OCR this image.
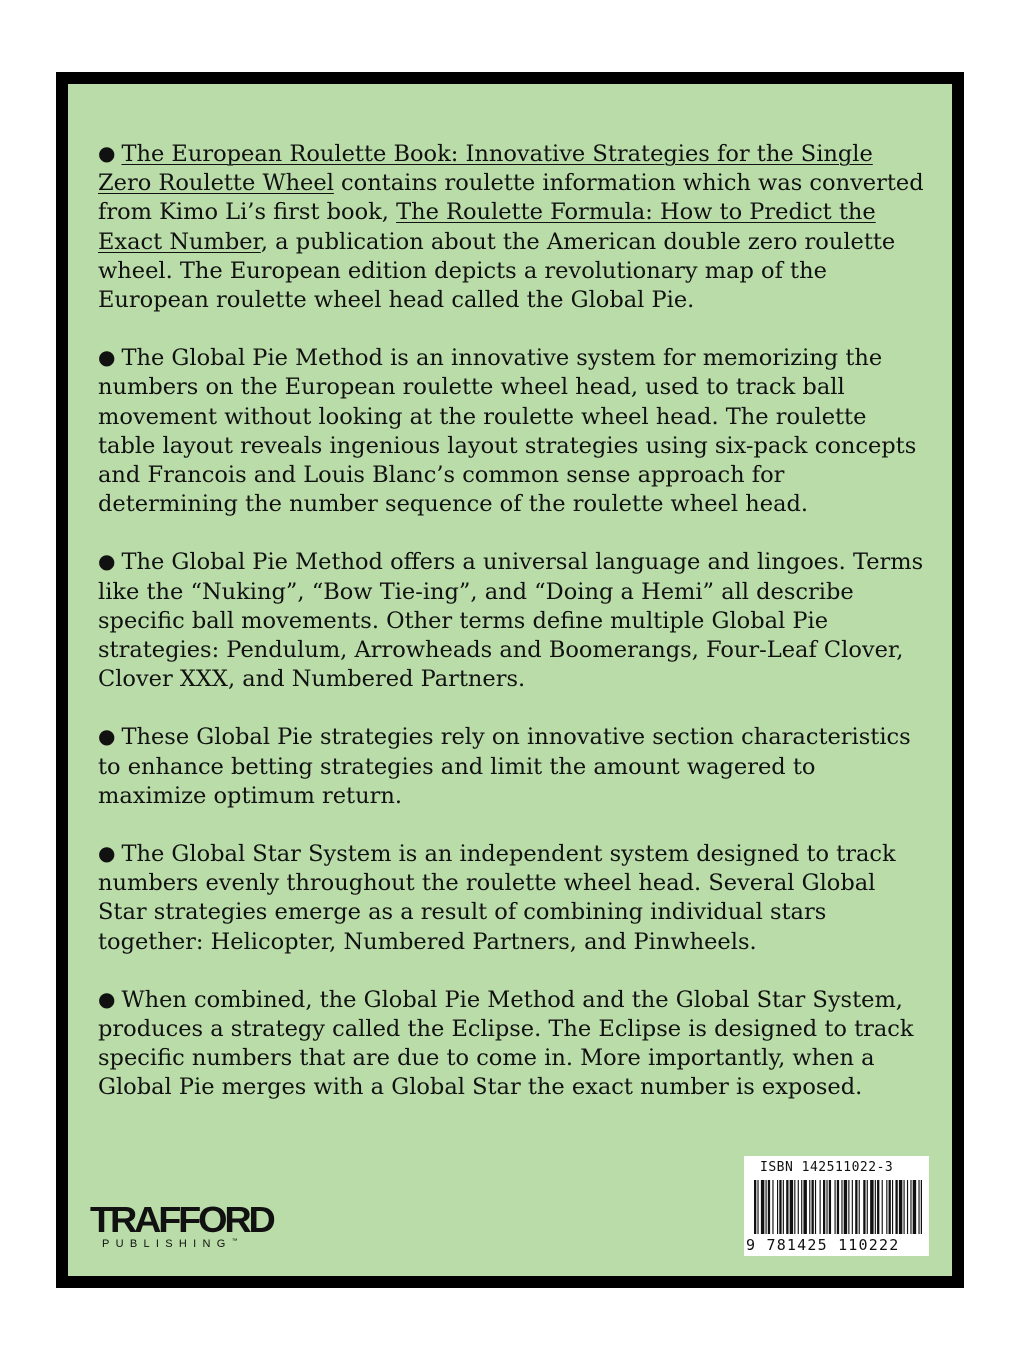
● The European Roulette Book: Innovative Strategies for the Single Zero Roulette Wheel contains roulette information which was converted from Kimo Li’s first book, The Roulette Formula: How to Predict the Exact Number, a publication about the American double zero roulette wheel. The European edition depicts a revolutionary map of the European roulette wheel head called the Global Pie.

● The Global Pie Method is an innovative system for memorizing the numbers on the European roulette wheel head, used to track ball movement without looking at the roulette wheel head. The roulette table layout reveals ingenious layout strategies using six-pack concepts and Francois and Louis Blanc’s common sense approach for determining the number sequence of the roulette wheel head.

● The Global Pie Method offers a universal language and lingoes. Terms like the “Nuking”, “Bow Tie-ing”, and “Doing a Hemi” all describe specific ball movements. Other terms define multiple Global Pie strategies: Pendulum, Arrowheads and Boomerangs, Four-Leaf Clover, Clover XXX, and Numbered Partners.

● These Global Pie strategies rely on innovative section characteristics to enhance betting strategies and limit the amount wagered to maximize optimum return.

● The Global Star System is an independent system designed to track numbers evenly throughout the roulette wheel head. Several Global Star strategies emerge as a result of combining individual stars together: Helicopter, Numbered Partners, and Pinwheels.

● When combined, the Global Pie Method and the Global Star System, produces a strategy called the Eclipse. The Eclipse is designed to track specific numbers that are due to come in. More importantly, when a Global Pie merges with a Global Star the exact number is exposed.

TRAFFORD
PUBLISHING™
ISBN 142511022-3
9 781425 110222
